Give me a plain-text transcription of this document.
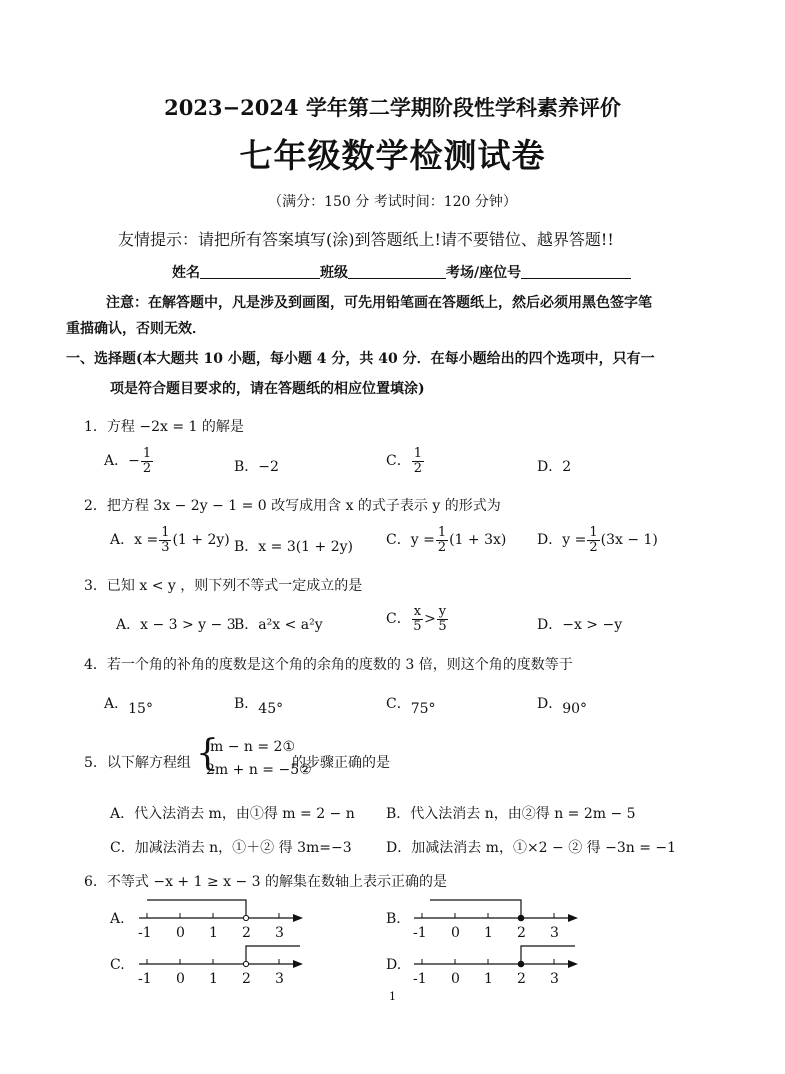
2023−2024 学年第二学期阶段性学科素养评价
七年级数学检测试卷
（满分：150 分 考试时间：120 分钟）
友情提示：请把所有答案填写(涂)到答题纸上!请不要错位、越界答题!!
姓名	班级	考场/座位号
注意：在解答题中，凡是涉及到画图，可先用铅笔画在答题纸上，然后必须用黑色签字笔
重描确认，否则无效．
一、选择题(本大题共 10 小题，每小题 4 分，共 40 分．在每小题给出的四个选项中，只有一
项是符合题目要求的，请在答题纸的相应位置填涂)
1．方程 −2x = 1 的解是
A．− $\frac{1}{2}$	B．−2	C． $\frac{1}{2}$	D．2
2．把方程 3x − 2y − 1 = 0 改写成用含 x 的式子表示 y 的形式为
A．$x = \frac{1}{3} (1 + 2y)$ B．x = 3(1 + 2y) C．$y = \frac{1}{2} (1 + 3x)$ D．$y = \frac{1}{2} (3x - 1)$
3．已知 x < y ，则下列不等式一定成立的是
A．x − 3 > y − 3
B．a²x < a²y	C． $\frac{x}{5} > \frac{y}{5}$	D．−x > −y
4．若一个角的补角的度数是这个角的余角的度数的 3 倍，则这个角的度数等于
A．15°	B．45°	C．75°	D．90°
5．以下解方程组 {
m − n = 2①
2m + n = −5②
的步骤正确的是
A．代入法消去 m，由①得 m = 2 − n B．代入法消去 n，由②得 n = 2m − 5
C．加减法消去 n，①＋② 得 3m=−3 D．加减法消去 m，①×2 − ② 得 −3n = −1
6．不等式 −x + 1 ≥ x − 3 的解集在数轴上表示正确的是
A.
-1 0 1 2 3
B.
-1 0 1 2 3
C.
-1 0 1 2 3
D.
-1 0 1 2 3
1
